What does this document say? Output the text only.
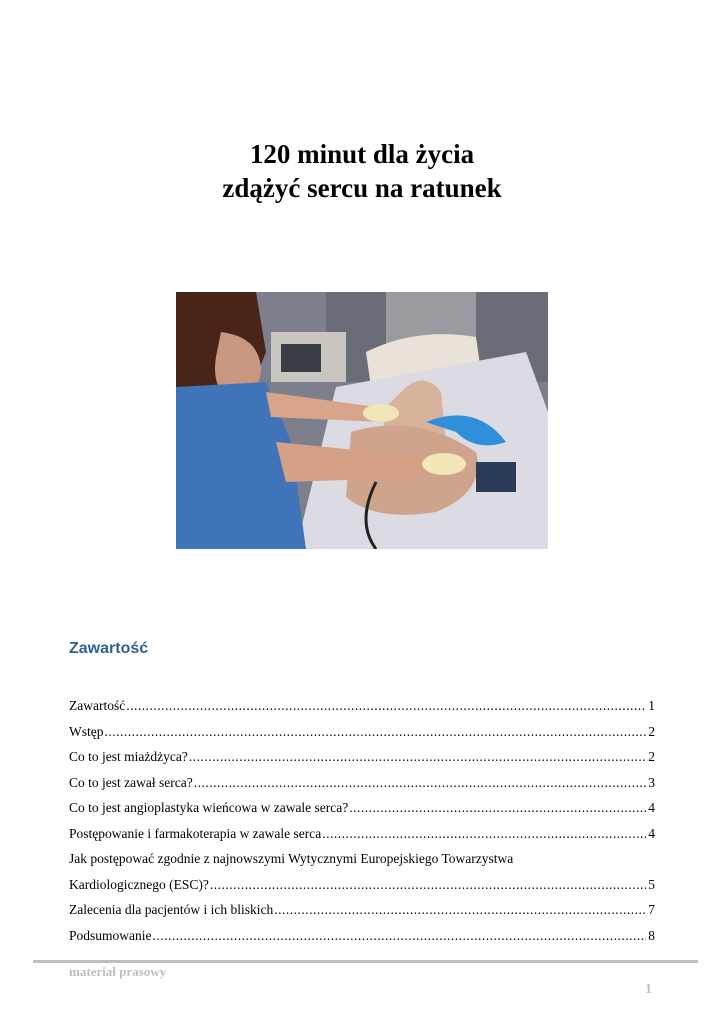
120 minut dla życia
zdążyć sercu na ratunek
Zawartość
Zawartość .....	1
Wstęp .....	2
Co to jest miażdżyca? .....	2
Co to jest zawał serca? .....	3
Co to jest angioplastyka wieńcowa w zawale serca? .....	4
Postępowanie i farmakoterapia w zawale serca .....	4
Jak postępować zgodnie z najnowszymi Wytycznymi Europejskiego Towarzystwa
Kardiologicznego (ESC)? .....	5
Zalecenia dla pacjentów i ich bliskich .....	7
Podsumowanie .....	8
materiał prasowy
1
